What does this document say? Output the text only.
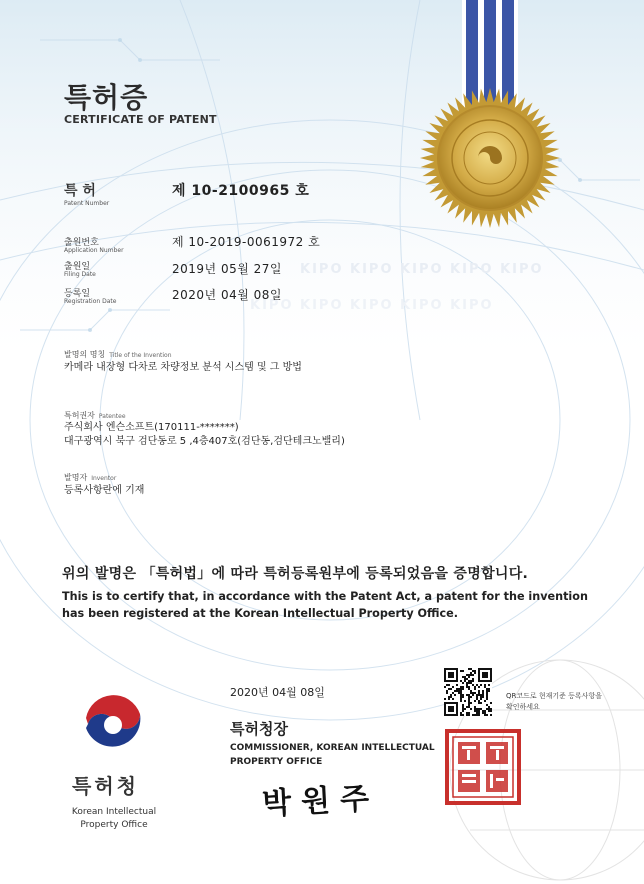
KIPO KIPO KIPO KIPO KIPO
KIPO KIPO KIPO KIPO KIPO
특허증
CERTIFICATE OF PATENT
특 허
Patent Number
제 10-2100965 호
출원번호
Application Number
제 10-2019-0061972 호
출원일
Filing Date	2019년 05월 27일
등록일
Registration Date	2020년 04월 08일
발명의 명칭 Title of the Invention
카메라 내장형 다차로 차량정보 분석 시스템 및 그 방법
특허권자 Patentee
주식회사 엔슨소프트(170111-*******)
대구광역시 북구 검단동로 5 ,4층407호(검단동,검단테크노밸리)
발명자 Inventor
등록사항란에 기재
위의 발명은 「특허법」에 따라 특허등록원부에 등록되었음을 증명합니다.
This is to certify that, in accordance with the Patent Act, a patent for the invention has been registered at the Korean Intellectual Property Office.
2020년 04월 08일
특허청장
COMMISSIONER, KOREAN INTELLECTUAL PROPERTY OFFICE
박원주
QR코드로 현재기준 등록사항을 확인하세요
특허청
Korean Intellectual Property Office
